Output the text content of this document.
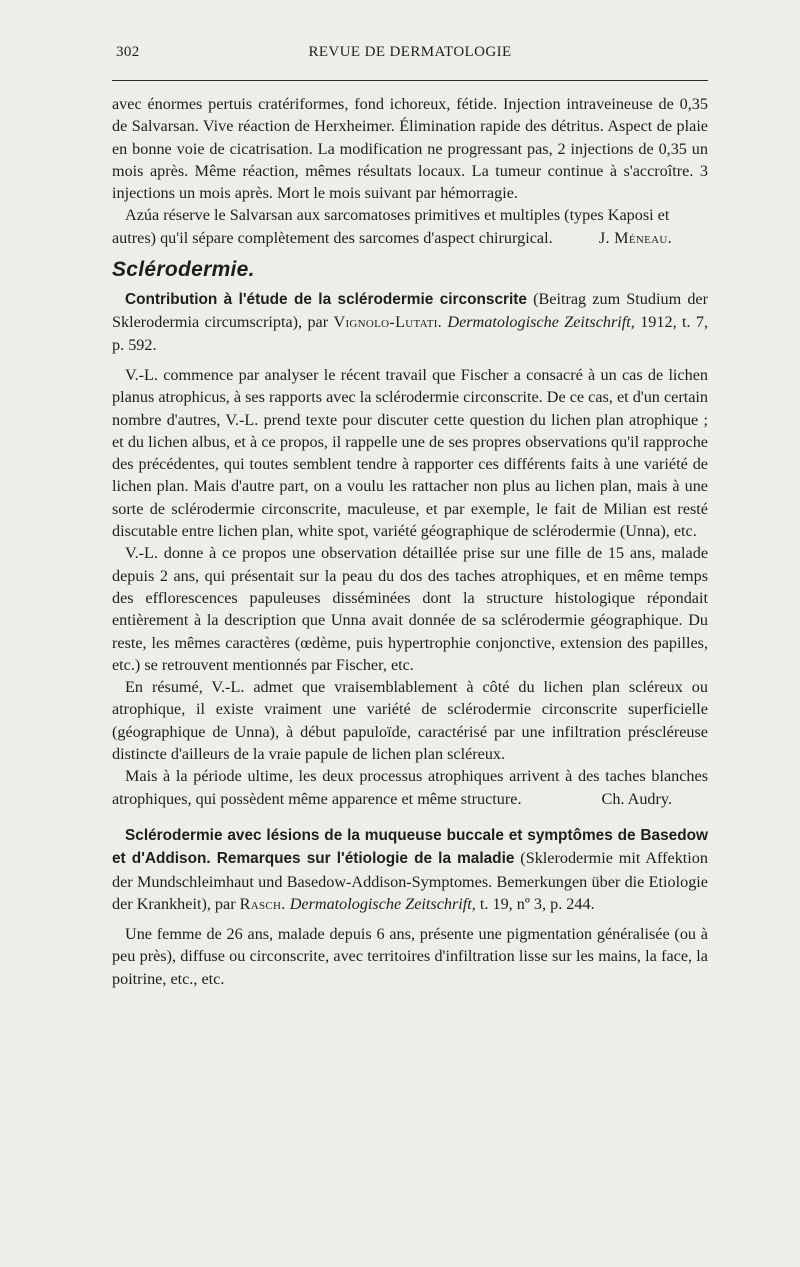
302	REVUE DE DERMATOLOGIE

avec énormes pertuis cratériformes, fond ichoreux, fétide. Injection intraveineuse de 0,35 de Salvarsan. Vive réaction de Herxheimer. Élimination rapide des détritus. Aspect de plaie en bonne voie de cicatrisation. La modification ne progressant pas, 2 injections de 0,35 un mois après. Même réaction, mêmes résultats locaux. La tumeur continue à s'accroître. 3 injections un mois après. Mort le mois suivant par hémorragie.

Azúa réserve le Salvarsan aux sarcomatoses primitives et multiples (types Kaposi et autres) qu'il sépare complètement des sarcomes d'aspect chirurgical.	J. Méneau.

Sclérodermie.

Contribution à l'étude de la sclérodermie circonscrite (Beitrag zum Studium der Sklerodermia circumscripta), par Vignolo-Lutati. Dermatologische Zeitschrift, 1912, t. 7, p. 592.

V.-L. commence par analyser le récent travail que Fischer a consacré à un cas de lichen planus atrophicus, à ses rapports avec la sclérodermie circonscrite. De ce cas, et d'un certain nombre d'autres, V.-L. prend texte pour discuter cette question du lichen plan atrophique ; et du lichen albus, et à ce propos, il rappelle une de ses propres observations qu'il rapproche des précédentes, qui toutes semblent tendre à rapporter ces différents faits à une variété de lichen plan. Mais d'autre part, on a voulu les rattacher non plus au lichen plan, mais à une sorte de sclérodermie circonscrite, maculeuse, et par exemple, le fait de Milian est resté discutable entre lichen plan, white spot, variété géographique de sclérodermie (Unna), etc.

V.-L. donne à ce propos une observation détaillée prise sur une fille de 15 ans, malade depuis 2 ans, qui présentait sur la peau du dos des taches atrophiques, et en même temps des efflorescences papuleuses disséminées dont la structure histologique répondait entièrement à la description que Unna avait donnée de sa sclérodermie géographique. Du reste, les mêmes caractères (œdème, puis hypertrophie conjonctive, extension des papilles, etc.) se retrouvent mentionnés par Fischer, etc.

En résumé, V.-L. admet que vraisemblablement à côté du lichen plan scléreux ou atrophique, il existe vraiment une variété de sclérodermie circonscrite superficielle (géographique de Unna), à début papuloïde, caractérisé par une infiltration préscléreuse distincte d'ailleurs de la vraie papule de lichen plan scléreux.

Mais à la période ultime, les deux processus atrophiques arrivent à des taches blanches atrophiques, qui possèdent même apparence et même structure.	Ch. Audry.

Sclérodermie avec lésions de la muqueuse buccale et symptômes de Basedow et d'Addison. Remarques sur l'étiologie de la maladie (Sklerodermie mit Affektion der Mundschleimhaut und Basedow-Addison-Symptomes. Bemerkungen über die Etiologie der Krankheit), par Rasch. Dermatologische Zeitschrift, t. 19, nº 3, p. 244.

Une femme de 26 ans, malade depuis 6 ans, présente une pigmentation généralisée (ou à peu près), diffuse ou circonscrite, avec territoires d'infiltration lisse sur les mains, la face, la poitrine, etc., etc.
